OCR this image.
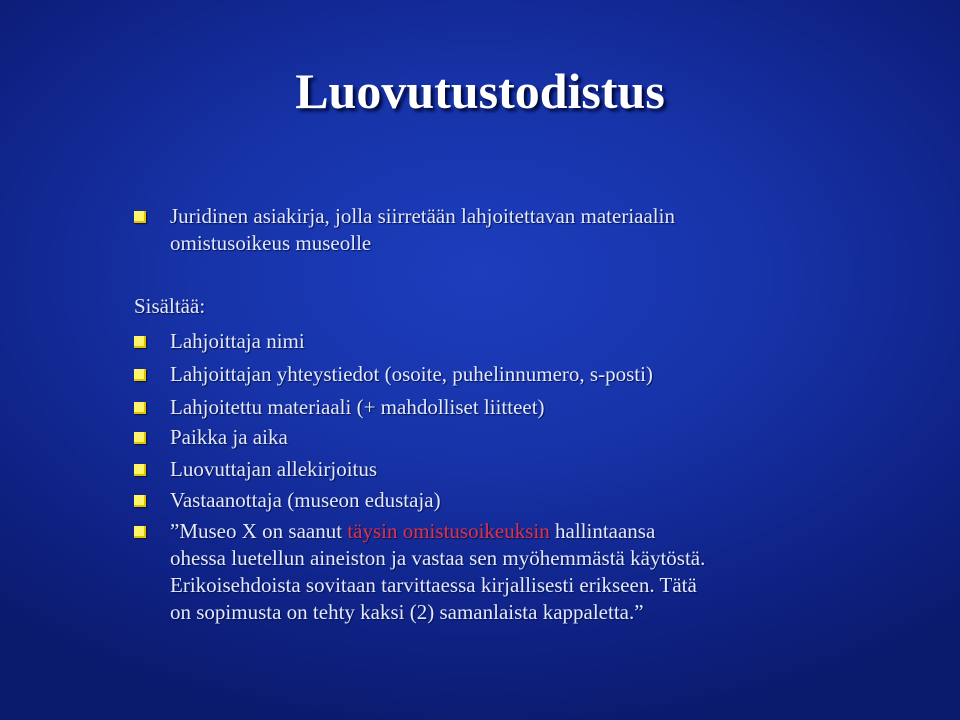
Luovutustodistus
Juridinen asiakirja, jolla siirretään lahjoitettavan materiaalin
omistusoikeus museolle
Sisältää:
Lahjoittaja nimi
Lahjoittajan yhteystiedot (osoite, puhelinnumero, s-posti)
Lahjoitettu materiaali (+ mahdolliset liitteet)
Paikka ja aika
Luovuttajan allekirjoitus
Vastaanottaja (museon edustaja)
”Museo X on saanut täysin omistusoikeuksin hallintaansa
ohessa luetellun aineiston ja vastaa sen myöhemmästä käytöstä.
Erikoisehdoista sovitaan tarvittaessa kirjallisesti erikseen. Tätä
on sopimusta on tehty kaksi (2) samanlaista kappaletta.”
